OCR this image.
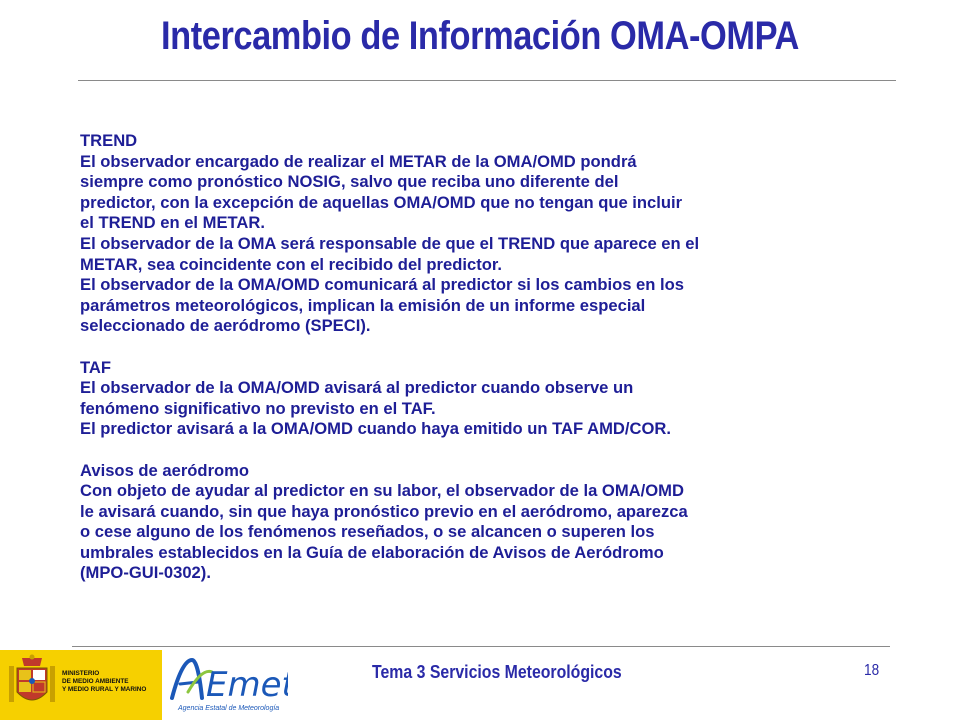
Intercambio de Información OMA-OMPA

TREND

El observador encargado de realizar el METAR de la OMA/OMD pondrá

siempre como pronóstico NOSIG, salvo que reciba uno diferente del

predictor, con la excepción de aquellas OMA/OMD que no tengan que incluir

el TREND en el METAR.

El observador de la OMA será responsable de que el TREND que aparece en el

METAR, sea coincidente con el recibido del predictor.

El observador de la OMA/OMD comunicará al predictor si los cambios en los

parámetros meteorológicos, implican la emisión de un informe especial

seleccionado de aeródromo (SPECI).

TAF

El observador de la OMA/OMD avisará al predictor cuando observe un

fenómeno significativo no previsto en el TAF.

El predictor avisará a la OMA/OMD cuando haya emitido un TAF AMD/COR.

Avisos de aeródromo

Con objeto de ayudar al predictor en su labor, el observador de la OMA/OMD

le avisará cuando, sin que haya pronóstico previo en el aeródromo, aparezca

o cese alguno de los fenómenos reseñados, o se alcancen o superen los

umbrales establecidos en la Guía de elaboración de Avisos de Aeródromo

(MPO-GUI-0302).

MINISTERIO
DE MEDIO AMBIENTE
Y MEDIO RURAL Y MARINO Emet
Agencia Estatal de Meteorología
Tema 3 Servicios Meteorológicos	18
